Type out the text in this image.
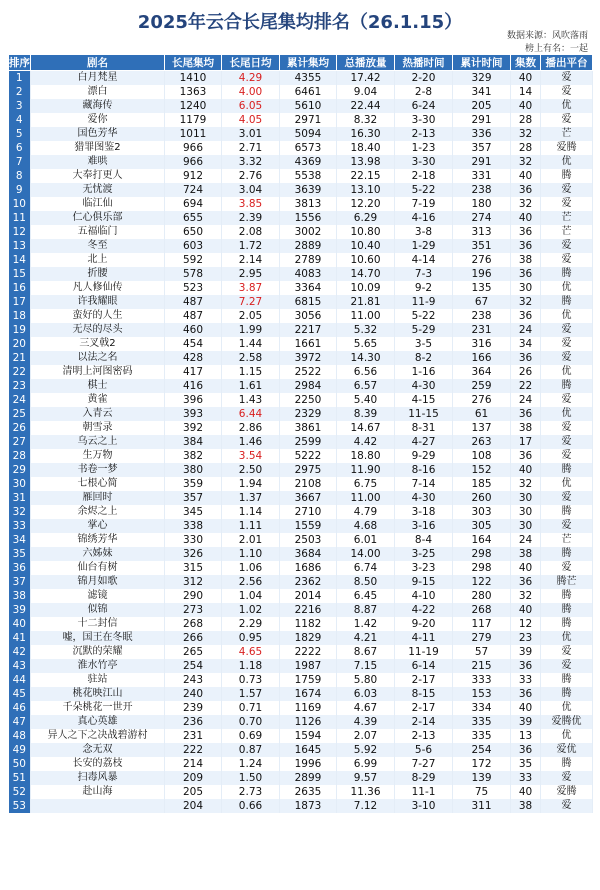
2025年云合长尾集均排名（26.1.15）
数据来源：风吹落雨
榜上有名：一起
排序	剧名	长尾集均	长尾日均	累计集均	总播放量	热播时间	累计时间	集数	播出平台
1	白月梵星	1410	4.29	4355	17.42	2-20	329	40	爱
2	漂白	1363	4.00	6461	9.04	2-8	341	14	爱
3	藏海传	1240	6.05	5610	22.44	6-24	205	40	优
4	爱你	1179	4.05	2971	8.32	3-30	291	28	爱
5	国色芳华	1011	3.01	5094	16.30	2-13	336	32	芒
6	猎罪图鉴2	966	2.71	6573	18.40	1-23	357	28	爱腾
7	难哄	966	3.32	4369	13.98	3-30	291	32	优
8	大奉打更人	912	2.76	5538	22.15	2-18	331	40	腾
9	无忧渡	724	3.04	3639	13.10	5-22	238	36	爱
10	临江仙	694	3.85	3813	12.20	7-19	180	32	爱
11	仁心俱乐部	655	2.39	1556	6.29	4-16	274	40	芒
12	五福临门	650	2.08	3002	10.80	3-8	313	36	芒
13	冬至	603	1.72	2889	10.40	1-29	351	36	爱
14	北上	592	2.14	2789	10.60	4-14	276	38	爱
15	折腰	578	2.95	4083	14.70	7-3	196	36	腾
16	凡人修仙传	523	3.87	3364	10.09	9-2	135	30	优
17	许我耀眼	487	7.27	6815	21.81	11-9	67	32	腾
18	蛮好的人生	487	2.05	3056	11.00	5-22	238	36	优
19	无尽的尽头	460	1.99	2217	5.32	5-29	231	24	爱
20	三叉戟2	454	1.44	1661	5.65	3-5	316	34	爱
21	以法之名	428	2.58	3972	14.30	8-2	166	36	爱
22	清明上河图密码	417	1.15	2522	6.56	1-16	364	26	优
23	棋士	416	1.61	2984	6.57	4-30	259	22	腾
24	黄雀	396	1.43	2250	5.40	4-15	276	24	爱
25	入青云	393	6.44	2329	8.39	11-15	61	36	优
26	朝雪录	392	2.86	3861	14.67	8-31	137	38	爱
27	乌云之上	384	1.46	2599	4.42	4-27	263	17	爱
28	生万物	382	3.54	5222	18.80	9-29	108	36	爱
29	书卷一梦	380	2.50	2975	11.90	8-16	152	40	腾
30	七根心简	359	1.94	2108	6.75	7-14	185	32	优
31	雁回时	357	1.37	3667	11.00	4-30	260	30	爱
32	余烬之上	345	1.14	2710	4.79	3-18	303	30	腾
33	掌心	338	1.11	1559	4.68	3-16	305	30	爱
34	锦绣芳华	330	2.01	2503	6.01	8-4	164	24	芒
35	六姊妹	326	1.10	3684	14.00	3-25	298	38	腾
36	仙台有树	315	1.06	1686	6.74	3-23	298	40	爱
37	锦月如歌	312	2.56	2362	8.50	9-15	122	36	腾芒
38	滤镜	290	1.04	2014	6.45	4-10	280	32	腾
39	似锦	273	1.02	2216	8.87	4-22	268	40	腾
40	十二封信	268	2.29	1182	1.42	9-20	117	12	腾
41	嘘，国王在冬眠	266	0.95	1829	4.21	4-11	279	23	优
42	沉默的荣耀	265	4.65	2222	8.67	11-19	57	39	爱
43	淮水竹亭	254	1.18	1987	7.15	6-14	215	36	爱
44	驻站	243	0.73	1759	5.80	2-17	333	33	腾
45	桃花映江山	240	1.57	1674	6.03	8-15	153	36	腾
46	千朵桃花一世开	239	0.71	1169	4.67	2-17	334	40	优
47	真心英雄	236	0.70	1126	4.39	2-14	335	39	爱腾优
48	异人之下之决战碧游村	231	0.69	1594	2.07	2-13	335	13	优
49	念无双	222	0.87	1645	5.92	5-6	254	36	爱优
50	长安的荔枝	214	1.24	1996	6.99	7-27	172	35	腾
51	扫毒风暴	209	1.50	2899	9.57	8-29	139	33	爱
52	赴山海	205	2.73	2635	11.36	11-1	75	40	爱腾
53		204	0.66	1873	7.12	3-10	311	38	爱
